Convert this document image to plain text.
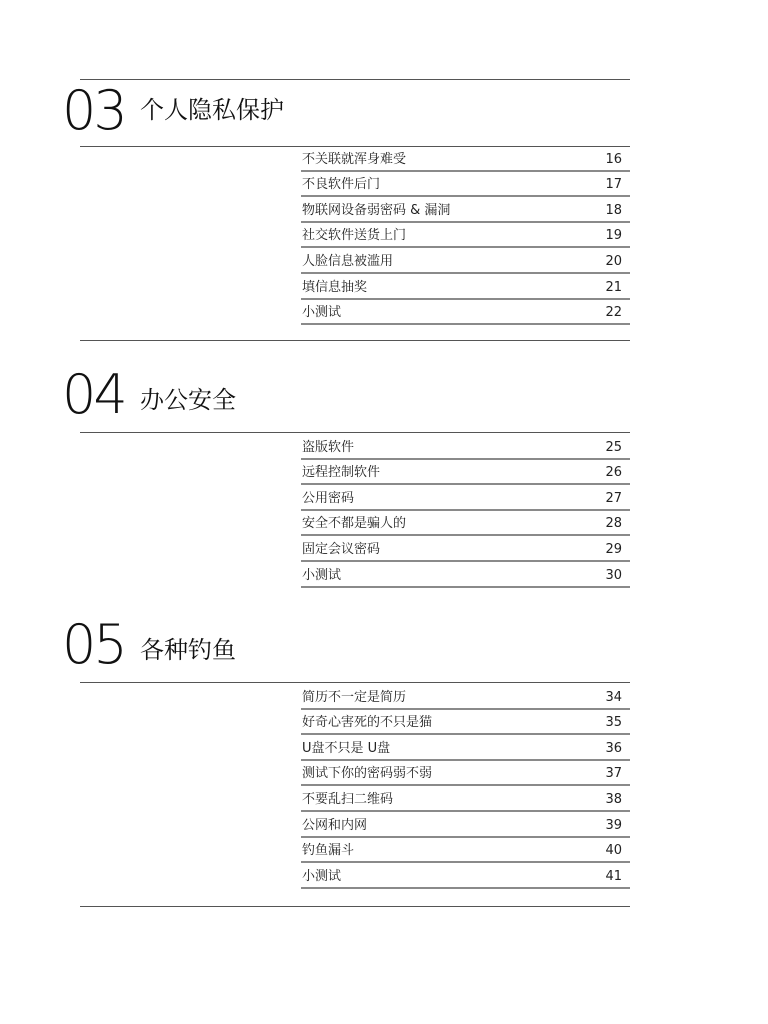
03 个人隐私保护
不关联就浑身难受	16
不良软件后门	17
物联网设备弱密码 & 漏洞	18
社交软件送货上门	19
人脸信息被滥用	20
填信息抽奖	21
小测试	22
04 办公安全
盗版软件	25
远程控制软件	26
公用密码	27
安全不都是骗人的	28
固定会议密码	29
小测试	30
05 各种钓鱼
简历不一定是简历	34
好奇心害死的不只是猫	35
U盘不只是 U盘	36
测试下你的密码弱不弱	37
不要乱扫二维码	38
公网和内网	39
钓鱼漏斗	40
小测试	41
